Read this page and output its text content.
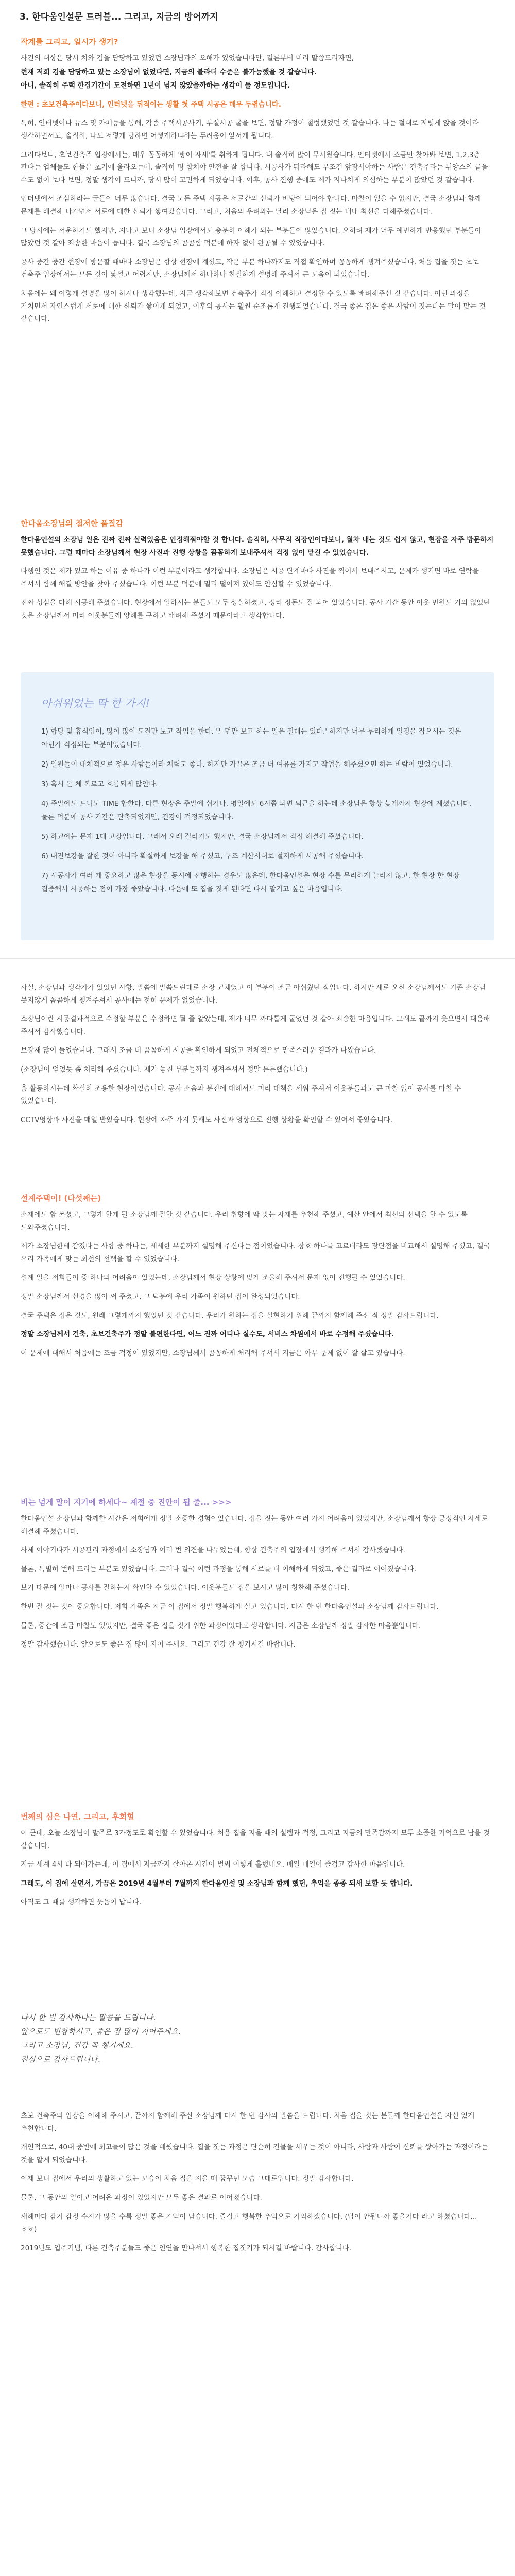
3. 한다움인설문 트러블... 그리고, 지금의 방어까지

작계를 그리고, 일시가 생기?

사건의 대상은 당시 치와 김을 담당하고 있었던 소장님과의 오해가 있었습니다만, 결론부터 미리 말씀드리자면,

현재 저희 김을 담당하고 있는 소장님이 없었다면, 지금의 블라더 수준은 불가능했을 것 같습니다.

아니, 솔직히 주택 한겹기간이 도전하면 1년이 넘지 않았을까하는 생각이 들 정도입니다.

한편 : 초보건축주이다보니, 인터넷을 뒤적이는 생활 첫 주택 시공은 매우 두렵습니다.

특히, 인터넷이나 뉴스 및 카페등을 통해, 각종 주택시공사기, 부실시공 굴을 보면, 정말 가정이 철렁했었던 것 같습니다. 나는 절대로 저렇게 앉을 것이라 생각하면서도, 솔직히, 나도 저렇게 당하면 어떻게하냐하는 두려움이 앞서게 됩니다.

그러다보니, 초보건축주 입장에서는, 매우 꼼꼼하게 '방어 자세'를 취하게 됩니다. 내 솔직히 많이 무서웠습니다. 인터넷에서 조금만 찾아봐 보면, 1,2,3층 판다는 업체들도 한둘은 초기에 올라오는데, 솔직히 평 합쳐야 안전을 잘 합니다. 시공사가 뭐라해도 무조건 앞장서야하는 사람은 건축주라는 뉘앙스의 글을 수도 없이 보다 보면, 정말 생각이 드니까, 당시 많이 고민하게 되었습니다. 이후, 공사 진행 중에도 제가 지나치게 의심하는 부분이 많았던 것 같습니다.

인터넷에서 조심하라는 글들이 너무 많습니다. 결국 모든 주택 시공은 서로간의 신뢰가 바탕이 되어야 합니다. 마찰이 없을 수 없지만, 결국 소장님과 함께 문제를 해결해 나가면서 서로에 대한 신뢰가 쌓여갔습니다. 그리고, 처음의 우려와는 달리 소장님은 집 짓는 내내 최선을 다해주셨습니다.

그 당시에는 서운하기도 했지만, 지나고 보니 소장님 입장에서도 충분히 이해가 되는 부분들이 많았습니다. 오히려 제가 너무 예민하게 반응했던 부분들이 많았던 것 같아 죄송한 마음이 듭니다. 결국 소장님의 꼼꼼함 덕분에 하자 없이 완공될 수 있었습니다.

공사 중간 중간 현장에 방문할 때마다 소장님은 항상 현장에 계셨고, 작은 부분 하나까지도 직접 확인하며 꼼꼼하게 챙겨주셨습니다. 처음 집을 짓는 초보 건축주 입장에서는 모든 것이 낯설고 어렵지만, 소장님께서 하나하나 친절하게 설명해 주셔서 큰 도움이 되었습니다.

처음에는 왜 이렇게 설명을 많이 하시나 생각했는데, 지금 생각해보면 건축주가 직접 이해하고 결정할 수 있도록 배려해주신 것 같습니다. 이런 과정을 거치면서 자연스럽게 서로에 대한 신뢰가 쌓이게 되었고, 이후의 공사는 훨씬 순조롭게 진행되었습니다. 결국 좋은 집은 좋은 사람이 짓는다는 말이 맞는 것 같습니다.

한다움소장님의 철저한 품질감

한다움인설의 소장님 일은 진짜 진짜 실력있음은 인정해줘야할 것 합니다. 솔직히, 사무직 직장인이다보니, 월차 내는 것도 쉽지 않고, 현장을 자주 방문하지 못했습니다. 그럴 때마다 소장님께서 현장 사진과 진행 상황을 꼼꼼하게 보내주셔서 걱정 없이 맡길 수 있었습니다.

다행인 것은 제가 있고 하는 이유 중 하나가 이런 부분이라고 생각합니다. 소장님은 시공 단계마다 사진을 찍어서 보내주시고, 문제가 생기면 바로 연락을 주셔서 함께 해결 방안을 찾아 주셨습니다. 이런 부분 덕분에 멀리 떨어져 있어도 안심할 수 있었습니다.

진짜 성심을 다해 시공해 주셨습니다. 현장에서 일하시는 분들도 모두 성실하셨고, 정리 정돈도 잘 되어 있었습니다. 공사 기간 동안 이웃 민원도 거의 없었던 것은 소장님께서 미리 이웃분들께 양해를 구하고 배려해 주셨기 때문이라고 생각합니다.

아쉬워었는 딱 한 가지!

1) 합당 및 휴식입이, 많이 많이 도전만 보고 작업을 한다. '노면만 보고 하는 일은 절대는 있다.' 하지만 너무 무리하게 일정을 잡으시는 것은 아닌가 걱정되는 부분이었습니다.

2) 일원들이 대체적으로 젊은 사람들이라 체력도 좋다. 하지만 가끔은 조금 더 여유를 가지고 작업을 해주셨으면 하는 바람이 있었습니다.

3) 혹시 돈 체 복르고 흐름되게 많안다.

4) 주말에도 드니도 TIME 합한다, 다른 현장은 주말에 쉬거나, 평일에도 6시쯤 되면 퇴근을 하는데 소장님은 항상 늦게까지 현장에 계셨습니다. 물론 덕분에 공사 기간은 단축되었지만, 건강이 걱정되었습니다.

5) 하교에는 문제 1대 고장입니다. 그래서 오래 걸리기도 했지만, 결국 소장님께서 직접 해결해 주셨습니다.

6) 내진보강을 잘한 것이 아니라 확실하게 보강을 해 주셨고, 구조 계산서대로 철저하게 시공해 주셨습니다.

7) 시공사가 여러 개 중요하고 많은 현장을 동시에 진행하는 경우도 많은데, 한다움인설은 현장 수를 무리하게 늘리지 않고, 한 현장 한 현장 집중해서 시공하는 점이 가장 좋았습니다. 다음에 또 집을 짓게 된다면 다시 맡기고 싶은 마음입니다.

사실, 소장님과 생각가가 있었던 사항, 말씀에 말씀드린대로 소장 교체였고 이 부분이 조금 아쉬웠던 점입니다. 하지만 새로 오신 소장님께서도 기존 소장님 못지않게 꼼꼼하게 챙겨주셔서 공사에는 전혀 문제가 없었습니다.

소장님이란 시공결과적으로 수정할 부분은 수정하면 될 줄 알았는데, 제가 너무 까다롭게 굴었던 것 같아 죄송한 마음입니다. 그래도 끝까지 웃으면서 대응해 주셔서 감사했습니다.

보강재 많이 들었습니다. 그래서 조금 더 꼼꼼하게 시공을 확인하게 되었고 전체적으로 만족스러운 결과가 나왔습니다.

(소장님이 얻었듯 좀 처리해 주셨습니다. 제가 놓친 부분들까지 챙겨주셔서 정말 든든했습니다.)

홈 활동하시는데 확실히 조용한 현장이었습니다. 공사 소음과 분진에 대해서도 미리 대책을 세워 주셔서 이웃분들과도 큰 마찰 없이 공사를 마칠 수 있었습니다.

CCTV영상과 사진을 매일 받았습니다. 현장에 자주 가지 못해도 사진과 영상으로 진행 상황을 확인할 수 있어서 좋았습니다.

설계주택이! (다섯째는)

소재에도 함 쓰셨고, 그렇게 할게 될 소장님께 잘할 것 같습니다. 우리 취향에 딱 맞는 자재를 추천해 주셨고, 예산 안에서 최선의 선택을 할 수 있도록 도와주셨습니다.

제가 소장님한테 감겼다는 사항 중 하나는, 세세한 부분까지 설명해 주신다는 점이었습니다. 창호 하나를 고르더라도 장단점을 비교해서 설명해 주셨고, 결국 우리 가족에게 맞는 최선의 선택을 할 수 있었습니다.

설계 일을 저희들이 중 하나의 어려움이 있었는데, 소장님께서 현장 상황에 맞게 조율해 주셔서 문제 없이 진행될 수 있었습니다.

정말 소장님께서 신경을 많이 써 주셨고, 그 덕분에 우리 가족이 원하던 집이 완성되었습니다.

결국 주택은 집은 것도, 원래 그렇게까지 했었던 것 같습니다. 우리가 원하는 집을 실현하기 위해 끝까지 함께해 주신 점 정말 감사드립니다.

정말 소장님께서 건축, 초보건축주가 정말 불편한다면, 어느 진짜 어디나 실수도, 서비스 차원에서 바로 수정해 주셨습니다.

이 문제에 대해서 처음에는 조금 걱정이 있었지만, 소장님께서 꼼꼼하게 처리해 주셔서 지금은 아무 문제 없이 잘 살고 있습니다.

비는 넘게 말이 지기에 하세다~ 계절 중 진안이 됩 줄... >>>

한다움인설 소장님과 함께한 시간은 저희에게 정말 소중한 경험이었습니다. 집을 짓는 동안 여러 가지 어려움이 있었지만, 소장님께서 항상 긍정적인 자세로 해결해 주셨습니다.

사제 이야기다가 시공관리 과정에서 소장님과 여러 번 의견을 나누었는데, 항상 건축주의 입장에서 생각해 주셔서 감사했습니다.

물론, 특별히 번해 드리는 부분도 있었습니다. 그러나 결국 이런 과정을 통해 서로를 더 이해하게 되었고, 좋은 결과로 이어졌습니다.

보기 때문에 얼마나 공사를 잘하는지 확인할 수 있었습니다. 이웃분들도 집을 보시고 많이 칭찬해 주셨습니다.

한번 잘 짓는 것이 중요합니다. 저희 가족은 지금 이 집에서 정말 행복하게 살고 있습니다. 다시 한 번 한다움인설과 소장님께 감사드립니다.

물론, 중간에 조금 마찰도 있었지만, 결국 좋은 집을 짓기 위한 과정이었다고 생각합니다. 지금은 소장님께 정말 감사한 마음뿐입니다.

정말 감사했습니다. 앞으로도 좋은 집 많이 지어 주세요. 그리고 건강 잘 챙기시길 바랍니다.

번째의 심은 나연, 그리고, 후회힐

이 근데, 오늘 소장님이 말주로 3가정도로 확인할 수 있었습니다. 처음 집을 지을 때의 설렘과 걱정, 그리고 지금의 만족감까지 모두 소중한 기억으로 남을 것 같습니다.

지금 세계 4시 다 되어가는데, 이 집에서 지금까지 살아온 시간이 벌써 이렇게 흘렀네요. 매일 매일이 즐겁고 감사한 마음입니다.

그래도, 이 집에 살면서, 가끔은 2019년 4월부터 7월까지 한다움인설 및 소장님과 함께 했던, 추억을 종종 되새 보할 듯 합니다.

아직도 그 때를 생각하면 웃음이 납니다.

다시 한 번 감사하다는 말씀을 드립니다.

앞으로도 번창하시고, 좋은 집 많이 지어주세요.

그리고 소장님, 건강 꼭 챙기세요.

진심으로 감사드립니다.

초보 건축주의 입장을 이해해 주시고, 끝까지 함께해 주신 소장님께 다시 한 번 감사의 말씀을 드립니다. 처음 집을 짓는 분들께 한다움인설을 자신 있게 추천합니다.

개인적으로, 40대 중반에 최고들이 많은 것을 배웠습니다. 집을 짓는 과정은 단순히 건물을 세우는 것이 아니라, 사람과 사람이 신뢰를 쌓아가는 과정이라는 것을 알게 되었습니다.

이제 보니 집에서 우리의 생활하고 있는 모습이 처음 집을 지을 때 꿈꾸던 모습 그대로입니다. 정말 감사합니다.

물론, 그 동안의 일이고 어려운 과정이 있었지만 모두 좋은 결과로 이어졌습니다.

새해마다 감기 감정 수지가 많을 수록 정말 좋은 기억이 남습니다. 즐겁고 행복한 추억으로 기억하겠습니다. (답이 안됩니까 좋을거다 라고 하셨습니다... ㅎㅎ)

2019년도 입주기념, 다른 건축주분들도 좋은 인연을 만나셔서 행복한 집짓기가 되시길 바랍니다. 감사합니다.
